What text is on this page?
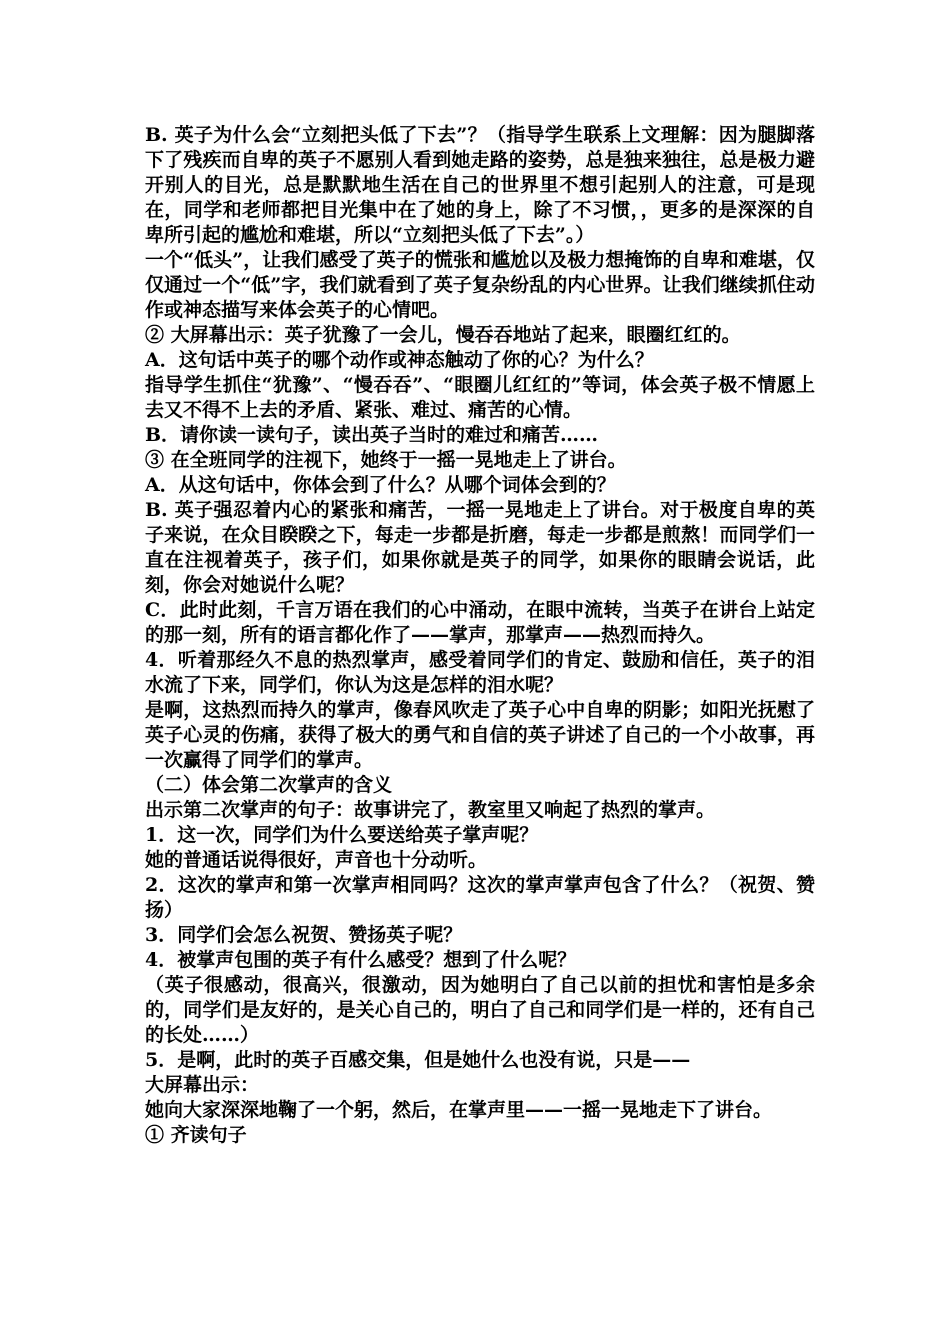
B. 英子为什么会“立刻把头低了下去”？（指导学生联系上文理解：因为腿脚落下了残疾而自卑的英子不愿别人看到她走路的姿势，总是独来独往，总是极力避开别人的目光，总是默默地生活在自己的世界里不想引起别人的注意，可是现在，同学和老师都把目光集中在了她的身上，除了不习惯，，更多的是深深的自卑所引起的尴尬和难堪，所以“立刻把头低了下去”。）

一个“低头”，让我们感受了英子的慌张和尴尬以及极力想掩饰的自卑和难堪，仅仅通过一个“低”字，我们就看到了英子复杂纷乱的内心世界。让我们继续抓住动作或神态描写来体会英子的心情吧。

② 大屏幕出示：英子犹豫了一会儿，慢吞吞地站了起来，眼圈红红的。

A．这句话中英子的哪个动作或神态触动了你的心？为什么？

指导学生抓住“犹豫”、“慢吞吞”、“眼圈儿红红的”等词，体会英子极不情愿上去又不得不上去的矛盾、紧张、难过、痛苦的心情。

B．请你读一读句子，读出英子当时的难过和痛苦……

③ 在全班同学的注视下，她终于一摇一晃地走上了讲台。

A．从这句话中，你体会到了什么？从哪个词体会到的？

B. 英子强忍着内心的紧张和痛苦，一摇一晃地走上了讲台。对于极度自卑的英子来说，在众目睽睽之下，每走一步都是折磨，每走一步都是煎熬！而同学们一直在注视着英子，孩子们，如果你就是英子的同学，如果你的眼睛会说话，此刻，你会对她说什么呢？

C．此时此刻，千言万语在我们的心中涌动，在眼中流转，当英子在讲台上站定的那一刻，所有的语言都化作了——掌声，那掌声——热烈而持久。

4．听着那经久不息的热烈掌声，感受着同学们的肯定、鼓励和信任，英子的泪水流了下来，同学们，你认为这是怎样的泪水呢？

是啊，这热烈而持久的掌声，像春风吹走了英子心中自卑的阴影；如阳光抚慰了英子心灵的伤痛，获得了极大的勇气和自信的英子讲述了自己的一个小故事，再一次赢得了同学们的掌声。

（二）体会第二次掌声的含义

出示第二次掌声的句子：故事讲完了，教室里又响起了热烈的掌声。

1．这一次，同学们为什么要送给英子掌声呢？

她的普通话说得很好，声音也十分动听。

2．这次的掌声和第一次掌声相同吗？这次的掌声掌声包含了什么？（祝贺、赞扬）

3．同学们会怎么祝贺、赞扬英子呢？

4．被掌声包围的英子有什么感受？想到了什么呢？

（英子很感动，很高兴，很激动，因为她明白了自己以前的担忧和害怕是多余的，同学们是友好的，是关心自己的，明白了自己和同学们是一样的，还有自己的长处……）

5．是啊，此时的英子百感交集，但是她什么也没有说，只是——

大屏幕出示：

她向大家深深地鞠了一个躬，然后，在掌声里——一摇一晃地走下了讲台。

① 齐读句子
